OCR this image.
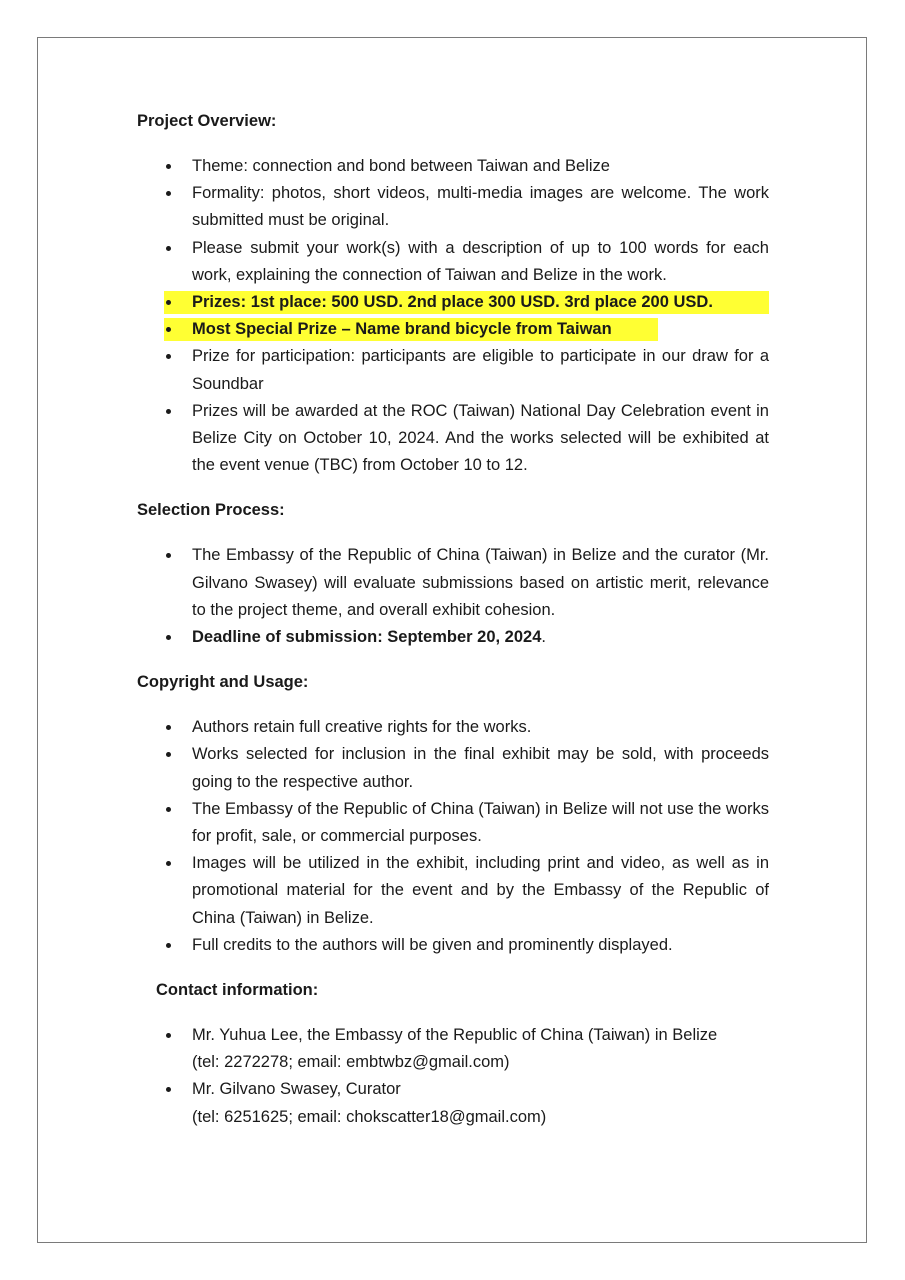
Project Overview:
Theme: connection and bond between Taiwan and Belize
Formality: photos, short videos, multi-media images are welcome. The work submitted must be original.
Please submit your work(s) with a description of up to 100 words for each work, explaining the connection of Taiwan and Belize in the work.
Prizes: 1st place: 500 USD. 2nd place 300 USD. 3rd place 200 USD.
Most Special Prize – Name brand bicycle from Taiwan
Prize for participation: participants are eligible to participate in our draw for a Soundbar
Prizes will be awarded at the ROC (Taiwan) National Day Celebration event in Belize City on October 10, 2024. And the works selected will be exhibited at the event venue (TBC) from October 10 to 12.
Selection Process:
The Embassy of the Republic of China (Taiwan) in Belize and the curator (Mr. Gilvano Swasey) will evaluate submissions based on artistic merit, relevance to the project theme, and overall exhibit cohesion.
Deadline of submission: September 20, 2024.
Copyright and Usage:
Authors retain full creative rights for the works.
Works selected for inclusion in the final exhibit may be sold, with proceeds going to the respective author.
The Embassy of the Republic of China (Taiwan) in Belize will not use the works for profit, sale, or commercial purposes.
Images will be utilized in the exhibit, including print and video, as well as in promotional material for the event and by the Embassy of the Republic of China (Taiwan) in Belize.
Full credits to the authors will be given and prominently displayed.
Contact information:
Mr. Yuhua Lee, the Embassy of the Republic of China (Taiwan) in Belize
(tel: 2272278; email: embtwbz@gmail.com)
Mr. Gilvano Swasey, Curator
(tel: 6251625; email: chokscatter18@gmail.com)
